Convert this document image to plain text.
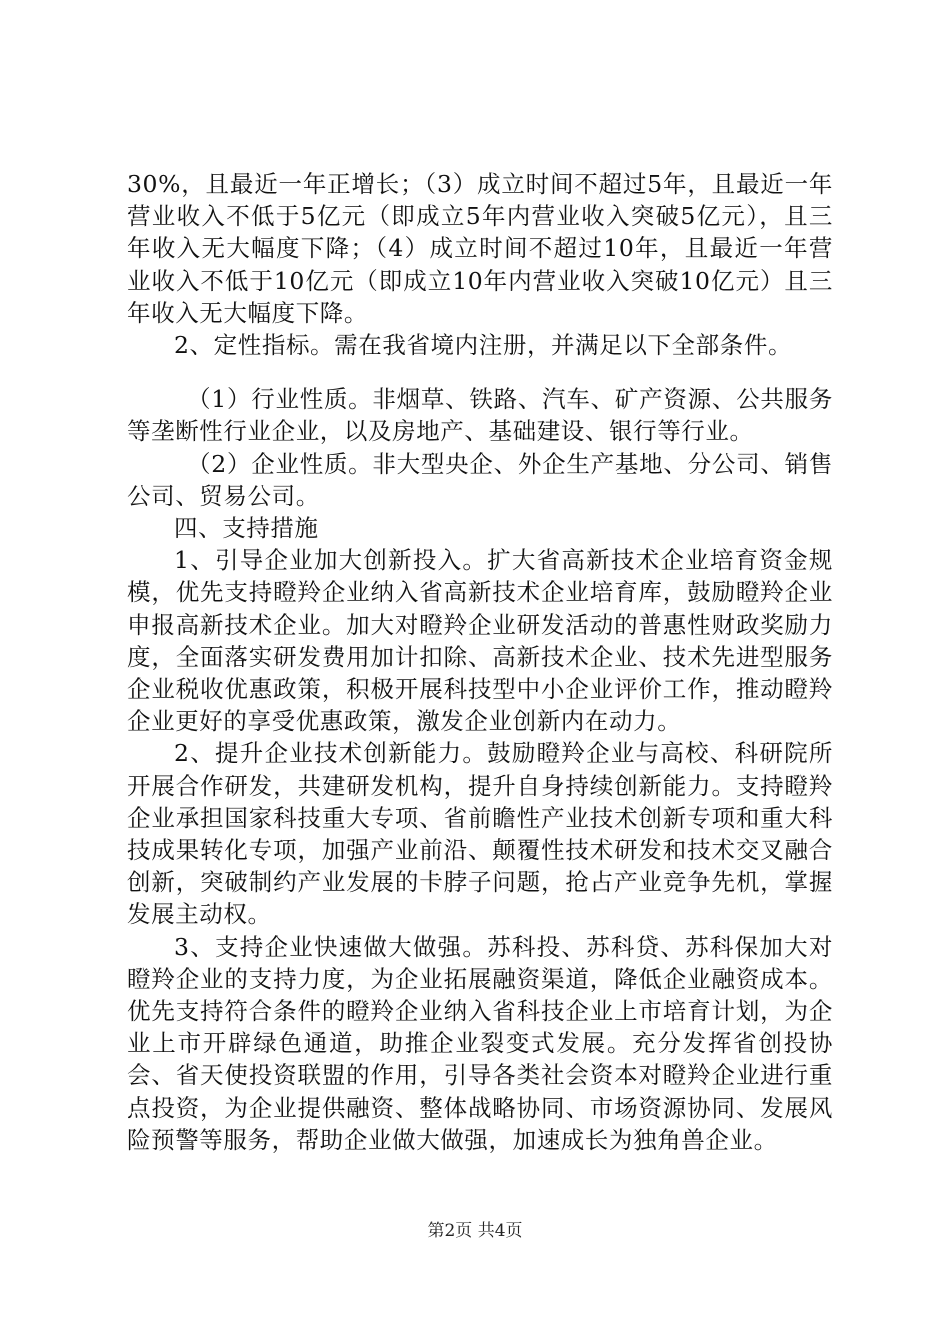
30%，且最近一年正增长；（3）成立时间不超过5年，且最近一年营业收入不低于5亿元（即成立5年内营业收入突破5亿元），且三年收入无大幅度下降；（4）成立时间不超过10年，且最近一年营业收入不低于10亿元（即成立10年内营业收入突破10亿元）且三年收入无大幅度下降。

2、定性指标。需在我省境内注册，并满足以下全部条件。

（1）行业性质。非烟草、铁路、汽车、矿产资源、公共服务等垄断性行业企业，以及房地产、基础建设、银行等行业。

（2）企业性质。非大型央企、外企生产基地、分公司、销售公司、贸易公司。

四、支持措施

1、引导企业加大创新投入。扩大省高新技术企业培育资金规模，优先支持瞪羚企业纳入省高新技术企业培育库，鼓励瞪羚企业申报高新技术企业。加大对瞪羚企业研发活动的普惠性财政奖励力度，全面落实研发费用加计扣除、高新技术企业、技术先进型服务企业税收优惠政策，积极开展科技型中小企业评价工作，推动瞪羚企业更好的享受优惠政策，激发企业创新内在动力。

2、提升企业技术创新能力。鼓励瞪羚企业与高校、科研院所开展合作研发，共建研发机构，提升自身持续创新能力。支持瞪羚企业承担国家科技重大专项、省前瞻性产业技术创新专项和重大科技成果转化专项，加强产业前沿、颠覆性技术研发和技术交叉融合创新，突破制约产业发展的卡脖子问题，抢占产业竞争先机，掌握发展主动权。

3、支持企业快速做大做强。苏科投、苏科贷、苏科保加大对瞪羚企业的支持力度，为企业拓展融资渠道，降低企业融资成本。优先支持符合条件的瞪羚企业纳入省科技企业上市培育计划，为企业上市开辟绿色通道，助推企业裂变式发展。充分发挥省创投协会、省天使投资联盟的作用，引导各类社会资本对瞪羚企业进行重点投资，为企业提供融资、整体战略协同、市场资源协同、发展风险预警等服务，帮助企业做大做强，加速成长为独角兽企业。

第2页 共4页
